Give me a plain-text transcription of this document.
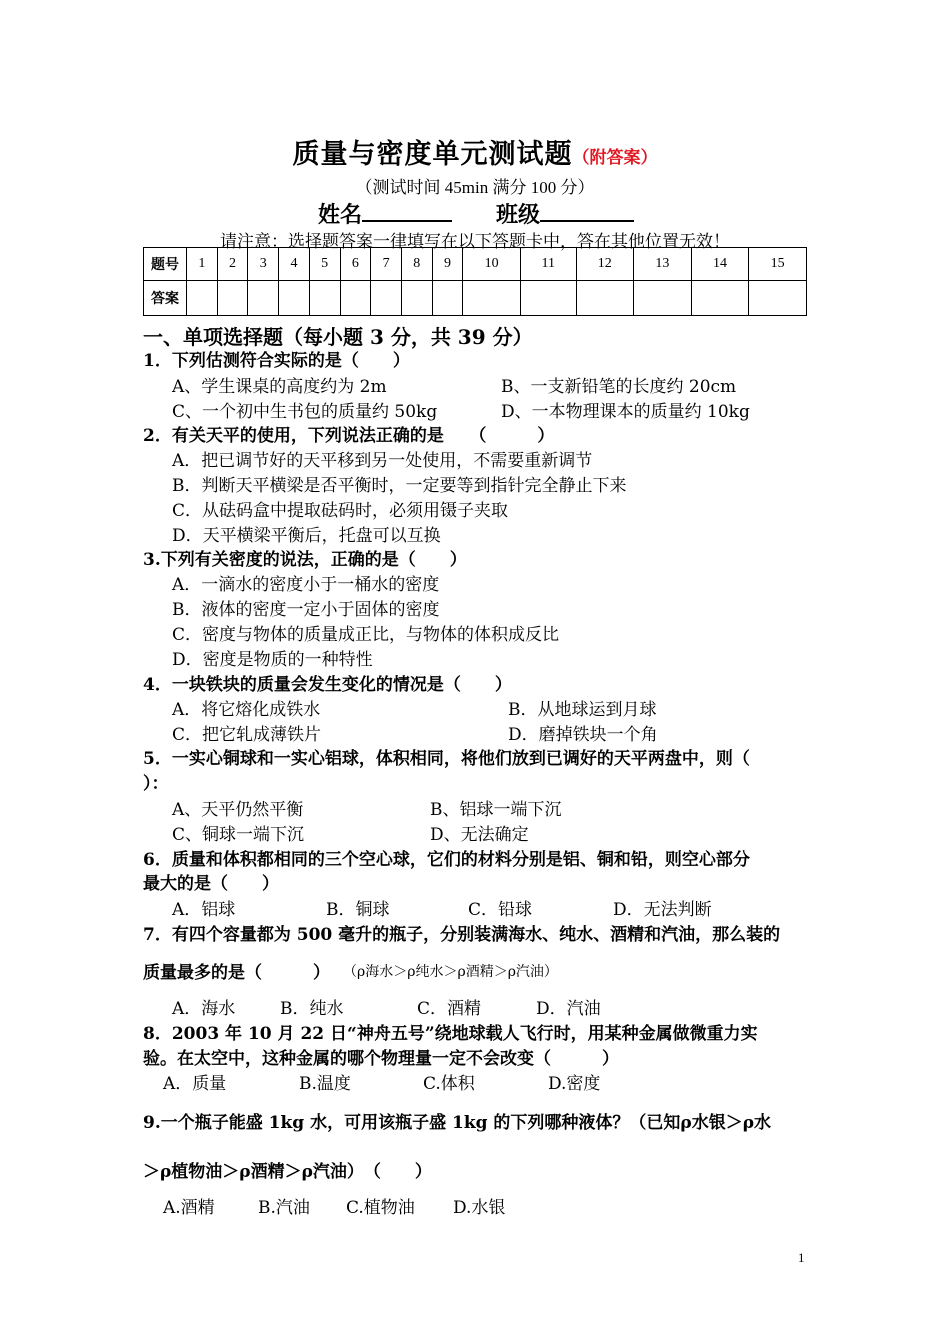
质量与密度单元测试题（附答案）
（测试时间 45min 满分 100 分）
姓名	班级
请注意：选择题答案一律填写在以下答题卡中，答在其他位置无效！
题号	1	2	3	4	5	6	7	8	9	10	11	12	13	14	15
答案															
一、单项选择题（每小题 3 分，共 39 分）
1．下列估测符合实际的是（　　）
A、学生课桌的高度约为 2m	B、一支新铅笔的长度约 20cm
C、一个初中生书包的质量约 50kg	D、一本物理课本的质量约 10kg
2．有关天平的使用，下列说法正确的是　　（　　　）
A．把已调节好的天平移到另一处使用，不需要重新调节
B．判断天平横梁是否平衡时，一定要等到指针完全静止下来
C．从砝码盒中提取砝码时，必须用镊子夹取
D．天平横梁平衡后，托盘可以互换
3.下列有关密度的说法，正确的是（　　）
A．一滴水的密度小于一桶水的密度
B．液体的密度一定小于固体的密度
C．密度与物体的质量成正比，与物体的体积成反比
D．密度是物质的一种特性
4．一块铁块的质量会发生变化的情况是（　　）
A．将它熔化成铁水	B．从地球运到月球
C．把它轧成薄铁片	D．磨掉铁块一个角
5．一实心铜球和一实心铝球，体积相同，将他们放到已调好的天平两盘中，则（
）：
A、天平仍然平衡	B、铝球一端下沉
C、铜球一端下沉	D、无法确定
6．质量和体积都相同的三个空心球，它们的材料分别是铝、铜和铅，则空心部分
最大的是（　　）
A．铝球	B．铜球	C．铅球	D．无法判断
7．有四个容量都为 500 毫升的瓶子，分别装满海水、纯水、酒精和汽油，那么装的
质量最多的是（　　　） （ρ海水＞ρ纯水＞ρ酒精＞ρ汽油）
A．海水	B．纯水	C．酒精	D．汽油
8．2003 年 10 月 22 日“神舟五号”绕地球载人飞行时，用某种金属做微重力实
验。在太空中，这种金属的哪个物理量一定不会改变（　　　）
A．质量	B.温度	C.体积	D.密度
9.一个瓶子能盛 1kg 水，可用该瓶子盛 1kg 的下列哪种液体？（已知ρ水银＞ρ水
＞ρ植物油＞ρ酒精＞ρ汽油）　（　　）
A.酒精	B.汽油 C.植物油 D.水银
1
